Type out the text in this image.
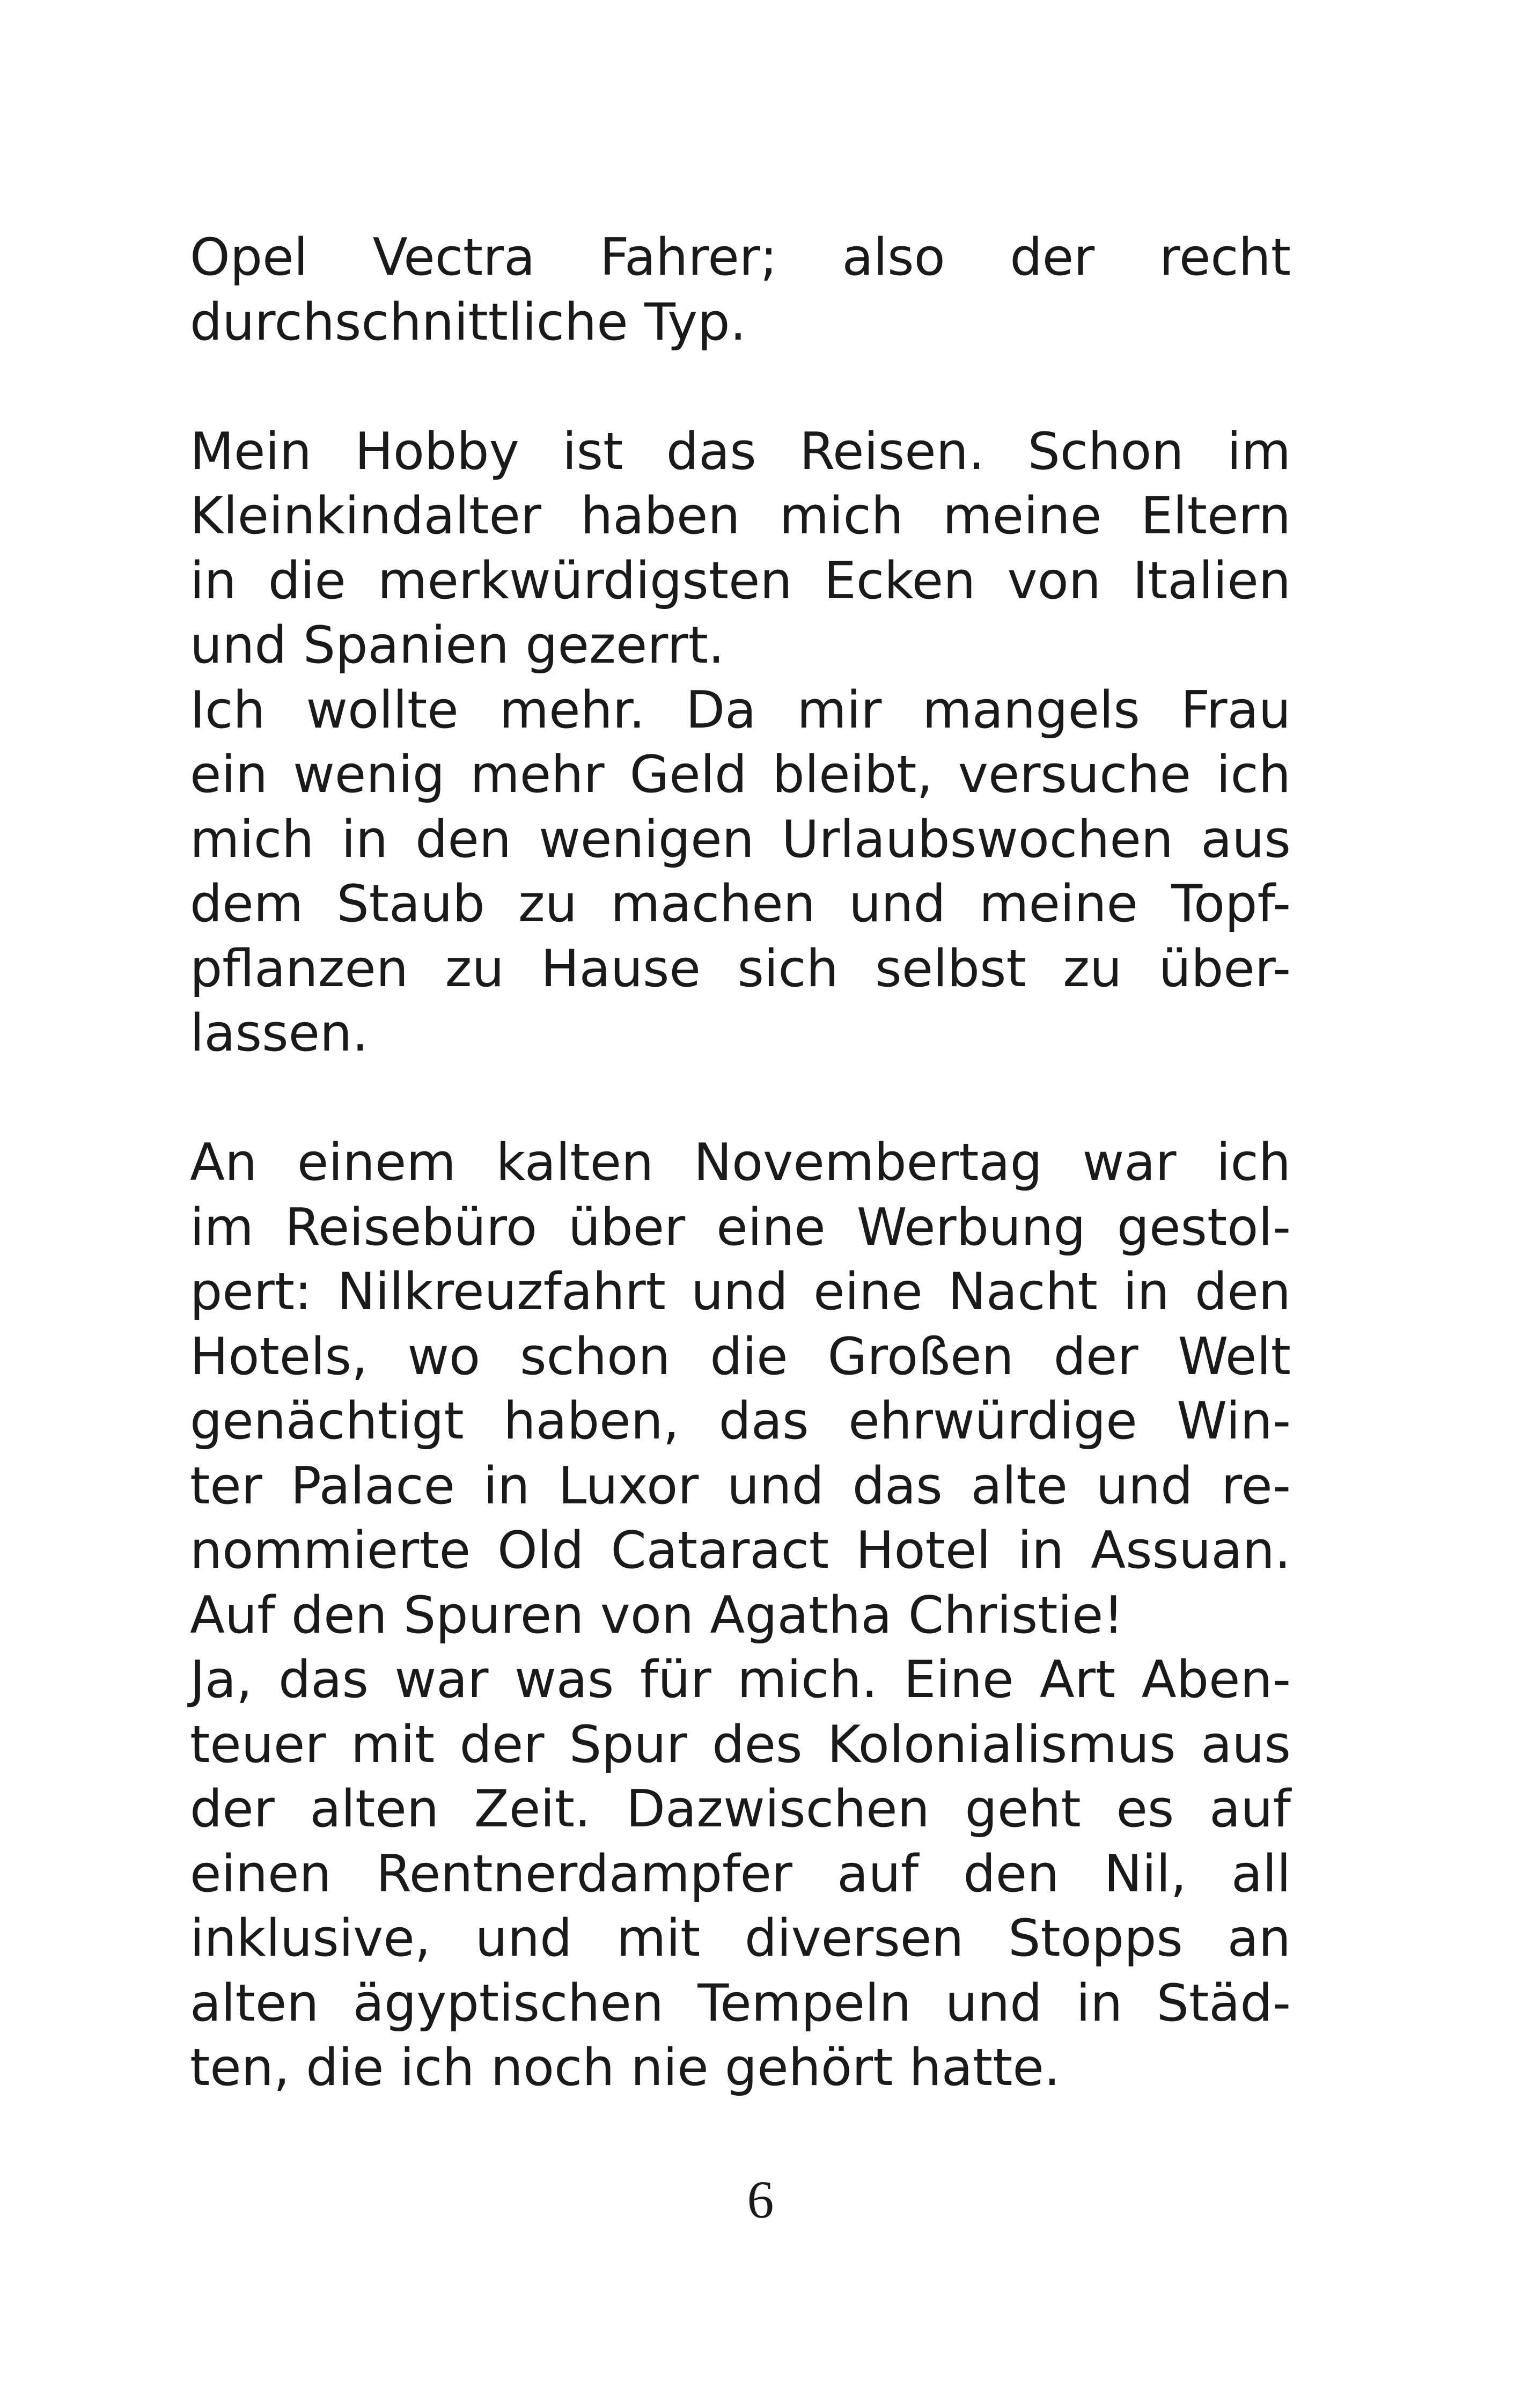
Opel Vectra Fahrer; also der recht
durchschnittliche Typ.
Mein Hobby ist das Reisen. Schon im
Kleinkindalter haben mich meine Eltern
in die merkwürdigsten Ecken von Italien
und Spanien gezerrt.
Ich wollte mehr. Da mir mangels Frau
ein wenig mehr Geld bleibt, versuche ich
mich in den wenigen Urlaubswochen aus
dem Staub zu machen und meine Topf-
pflanzen zu Hause sich selbst zu über-
lassen.
An einem kalten Novembertag war ich
im Reisebüro über eine Werbung gestol-
pert: Nilkreuzfahrt und eine Nacht in den
Hotels, wo schon die Großen der Welt
genächtigt haben, das ehrwürdige Win-
ter Palace in Luxor und das alte und re-
nommierte Old Cataract Hotel in Assuan.
Auf den Spuren von Agatha Christie!
Ja, das war was für mich. Eine Art Aben-
teuer mit der Spur des Kolonialismus aus
der alten Zeit. Dazwischen geht es auf
einen Rentnerdampfer auf den Nil, all
inklusive, und mit diversen Stopps an
alten ägyptischen Tempeln und in Städ-
ten, die ich noch nie gehört hatte.
6
